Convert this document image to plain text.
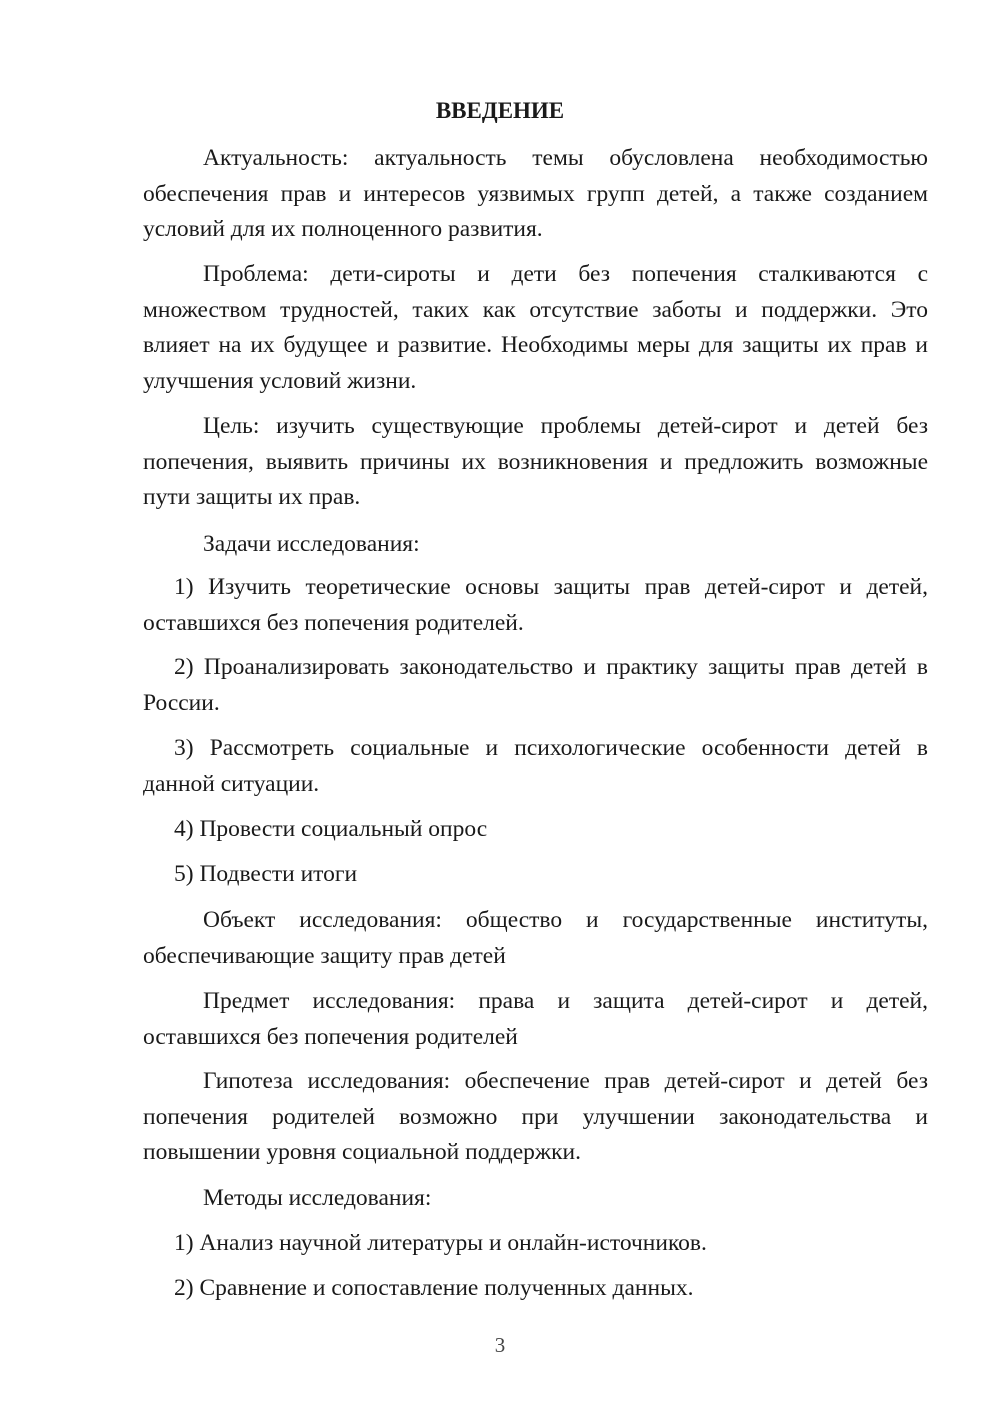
ВВЕДЕНИЕ

Актуальность: актуальность темы обусловлена необходимостью обеспечения прав и интересов уязвимых групп детей, а также созданием условий для их полноценного развития.

Проблема: дети-сироты и дети без попечения сталкиваются с множеством трудностей, таких как отсутствие заботы и поддержки. Это влияет на их будущее и развитие. Необходимы меры для защиты их прав и улучшения условий жизни.

Цель: изучить существующие проблемы детей-сирот и детей без попечения, выявить причины их возникновения и предложить возможные пути защиты их прав.

Задачи исследования:

1) Изучить теоретические основы защиты прав детей-сирот и детей, оставшихся без попечения родителей.

2) Проанализировать законодательство и практику защиты прав детей в России.

3) Рассмотреть социальные и психологические особенности детей в данной ситуации.

4) Провести социальный опрос

5) Подвести итоги

Объект исследования: общество и государственные институты, обеспечивающие защиту прав детей

Предмет исследования: права и защита детей-сирот и детей, оставшихся без попечения родителей

Гипотеза исследования: обеспечение прав детей-сирот и детей без попечения родителей возможно при улучшении законодательства и повышении уровня социальной поддержки.

Методы исследования:

1) Анализ научной литературы и онлайн-источников.

2) Сравнение и сопоставление полученных данных.

3
